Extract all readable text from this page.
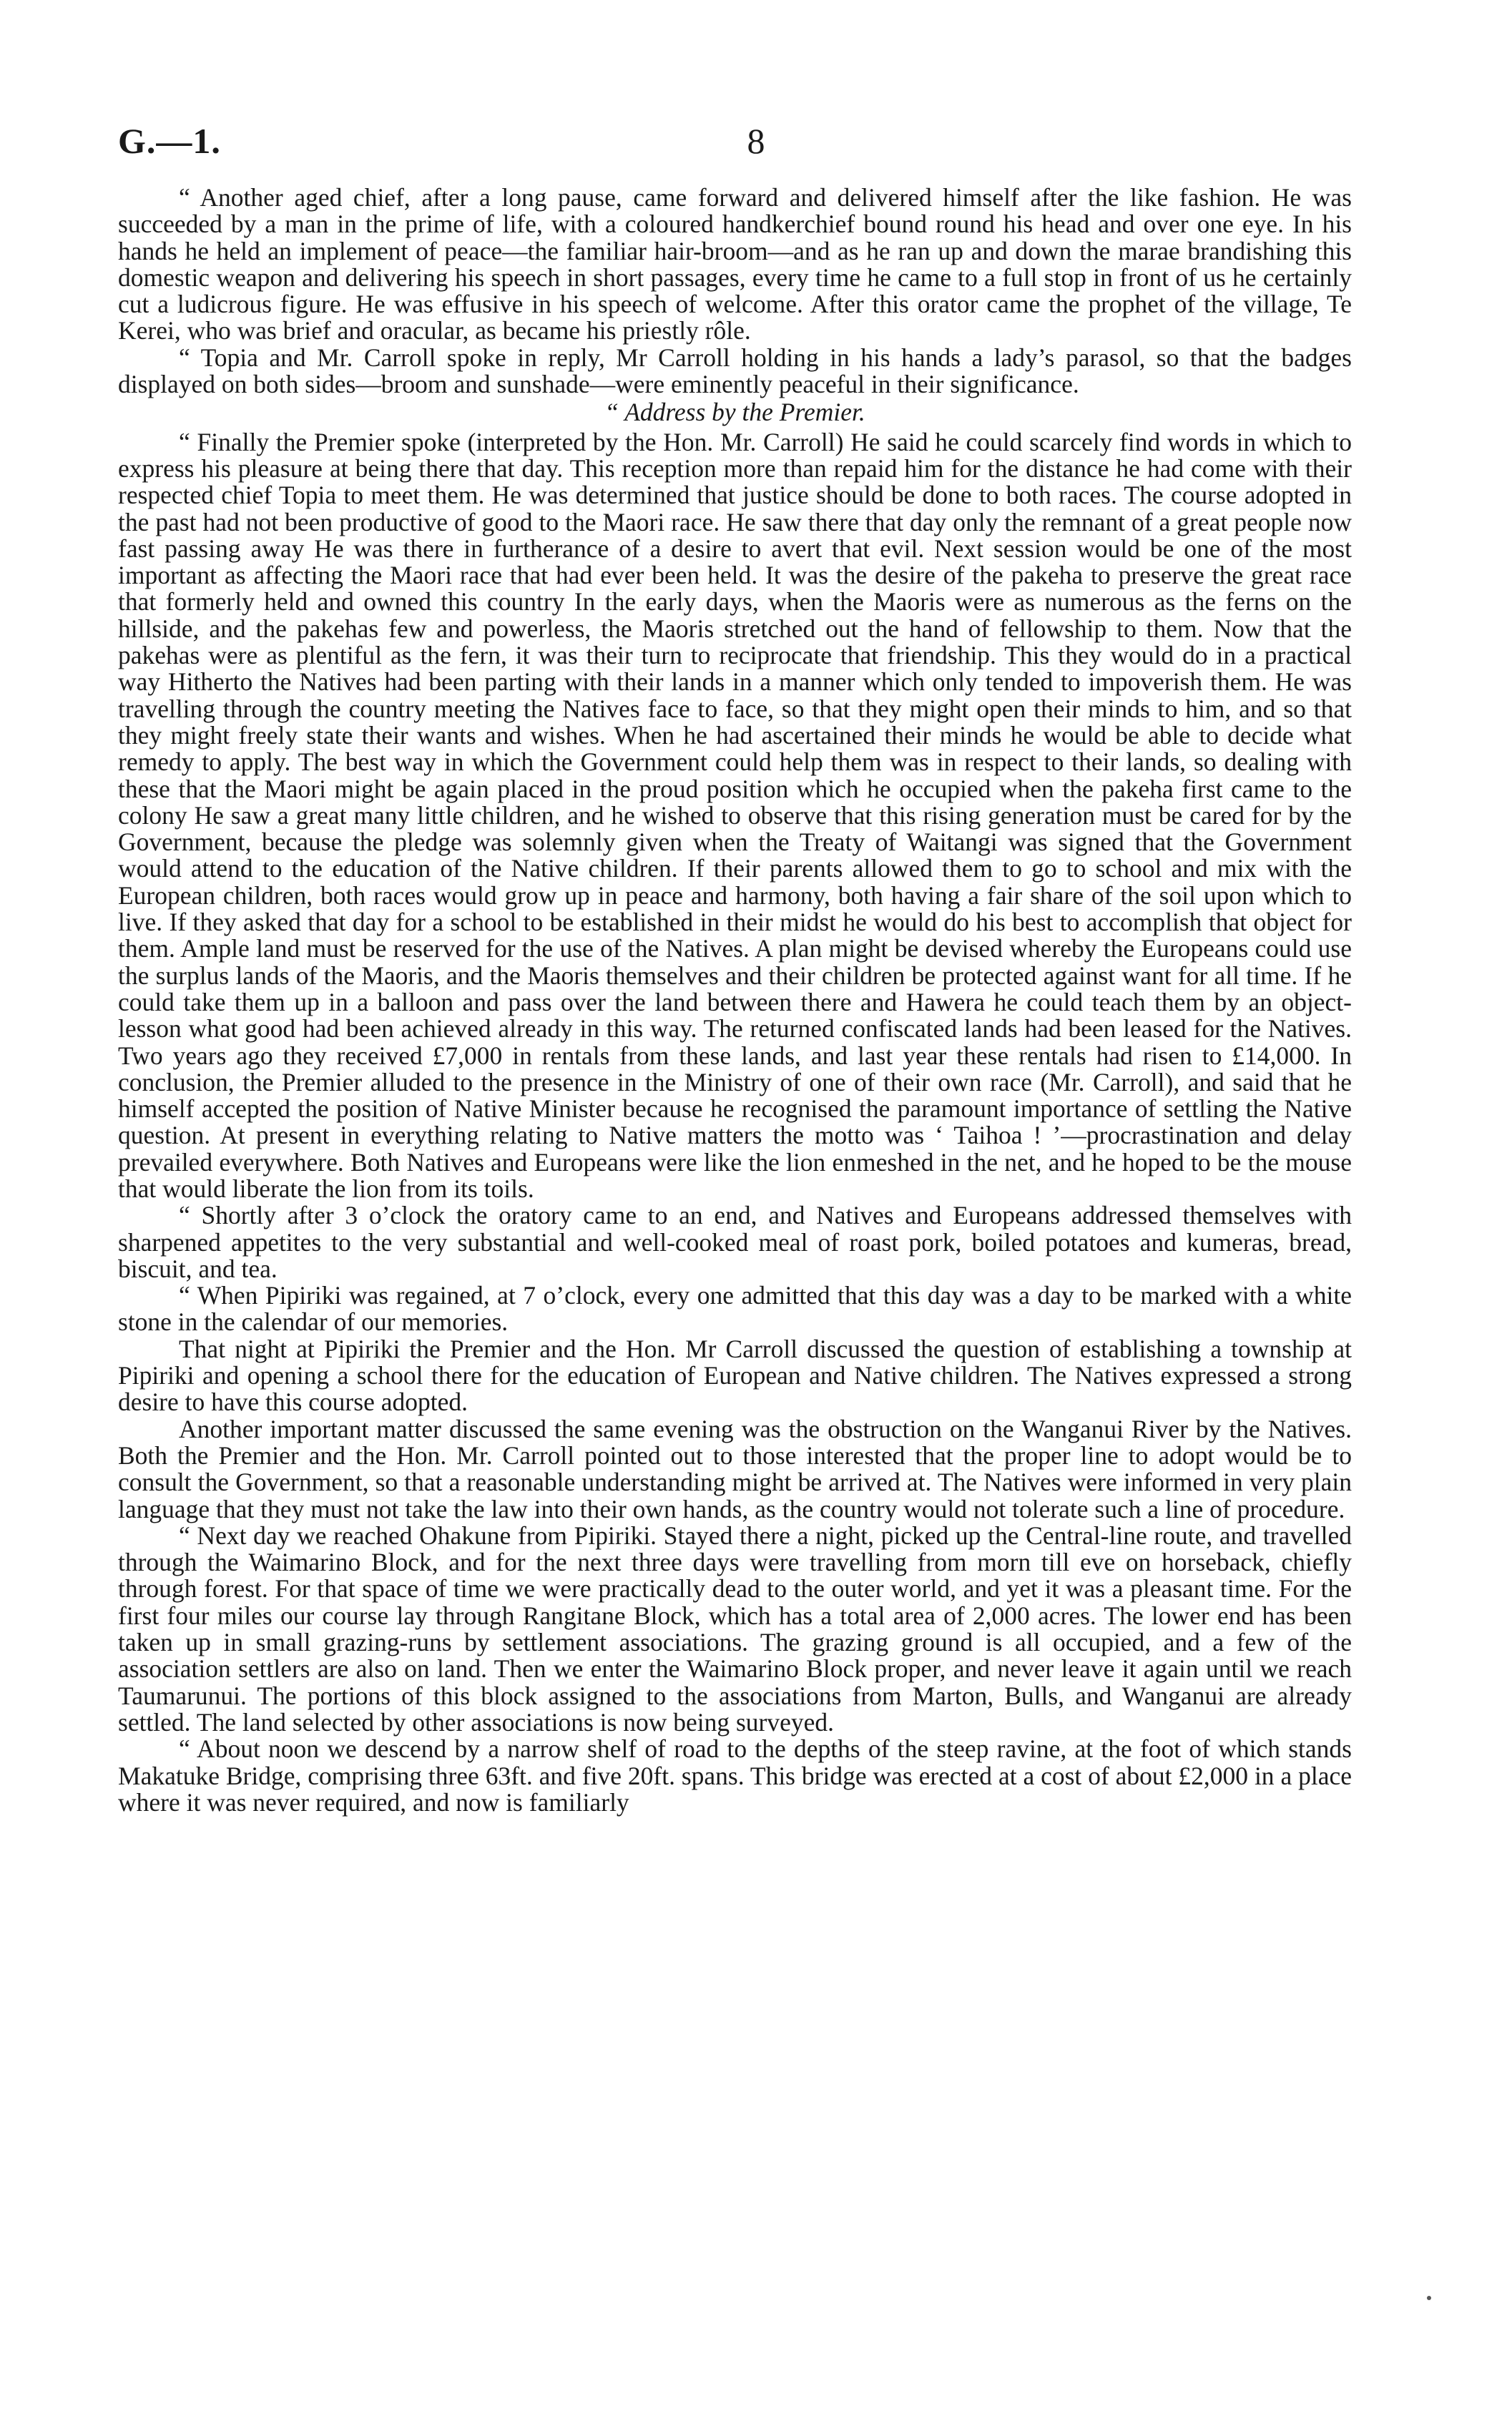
G.—1.	8

“ Another aged chief, after a long pause, came forward and delivered himself after the like fashion. He was succeeded by a man in the prime of life, with a coloured handkerchief bound round his head and over one eye. In his hands he held an implement of peace—the familiar hair-broom—and as he ran up and down the marae brandishing this domestic weapon and delivering his speech in short passages, every time he came to a full stop in front of us he certainly cut a ludicrous figure. He was effusive in his speech of welcome. After this orator came the prophet of the village, Te Kerei, who was brief and oracular, as became his priestly rôle.

“ Topia and Mr. Carroll spoke in reply, Mr Carroll holding in his hands a lady’s parasol, so that the badges displayed on both sides—broom and sunshade—were eminently peaceful in their significance.

“ Address by the Premier.

“ Finally the Premier spoke (interpreted by the Hon. Mr. Carroll) He said he could scarcely find words in which to express his pleasure at being there that day. This reception more than repaid him for the distance he had come with their respected chief Topia to meet them. He was determined that justice should be done to both races. The course adopted in the past had not been productive of good to the Maori race. He saw there that day only the remnant of a great people now fast passing away He was there in furtherance of a desire to avert that evil. Next session would be one of the most important as affecting the Maori race that had ever been held. It was the desire of the pakeha to preserve the great race that formerly held and owned this country In the early days, when the Maoris were as numerous as the ferns on the hillside, and the pakehas few and powerless, the Maoris stretched out the hand of fellowship to them. Now that the pakehas were as plentiful as the fern, it was their turn to reciprocate that friendship. This they would do in a practical way Hitherto the Natives had been parting with their lands in a manner which only tended to impoverish them. He was travelling through the country meeting the Natives face to face, so that they might open their minds to him, and so that they might freely state their wants and wishes. When he had ascertained their minds he would be able to decide what remedy to apply. The best way in which the Government could help them was in respect to their lands, so dealing with these that the Maori might be again placed in the proud position which he occupied when the pakeha first came to the colony He saw a great many little children, and he wished to observe that this rising generation must be cared for by the Government, because the pledge was solemnly given when the Treaty of Waitangi was signed that the Government would attend to the education of the Native children. If their parents allowed them to go to school and mix with the European children, both races would grow up in peace and harmony, both having a fair share of the soil upon which to live. If they asked that day for a school to be established in their midst he would do his best to accomplish that object for them. Ample land must be reserved for the use of the Natives. A plan might be devised whereby the Europeans could use the surplus lands of the Maoris, and the Maoris themselves and their children be protected against want for all time. If he could take them up in a balloon and pass over the land between there and Hawera he could teach them by an object-lesson what good had been achieved already in this way. The returned confiscated lands had been leased for the Natives. Two years ago they received £7,000 in rentals from these lands, and last year these rentals had risen to £14,000. In conclusion, the Premier alluded to the presence in the Ministry of one of their own race (Mr. Carroll), and said that he himself accepted the position of Native Minister because he recognised the paramount importance of settling the Native question. At present in everything relating to Native matters the motto was ‘ Taihoa ! ’—procrastination and delay prevailed everywhere. Both Natives and Europeans were like the lion enmeshed in the net, and he hoped to be the mouse that would liberate the lion from its toils.

“ Shortly after 3 o’clock the oratory came to an end, and Natives and Europeans addressed themselves with sharpened appetites to the very substantial and well-cooked meal of roast pork, boiled potatoes and kumeras, bread, biscuit, and tea.

“ When Pipiriki was regained, at 7 o’clock, every one admitted that this day was a day to be marked with a white stone in the calendar of our memories.

That night at Pipiriki the Premier and the Hon. Mr Carroll discussed the question of establishing a township at Pipiriki and opening a school there for the education of European and Native children. The Natives expressed a strong desire to have this course adopted.

Another important matter discussed the same evening was the obstruction on the Wanganui River by the Natives. Both the Premier and the Hon. Mr. Carroll pointed out to those interested that the proper line to adopt would be to consult the Government, so that a reasonable understanding might be arrived at. The Natives were informed in very plain language that they must not take the law into their own hands, as the country would not tolerate such a line of procedure.

“ Next day we reached Ohakune from Pipiriki. Stayed there a night, picked up the Central-line route, and travelled through the Waimarino Block, and for the next three days were travelling from morn till eve on horseback, chiefly through forest. For that space of time we were practically dead to the outer world, and yet it was a pleasant time. For the first four miles our course lay through Rangitane Block, which has a total area of 2,000 acres. The lower end has been taken up in small grazing-runs by settlement associations. The grazing ground is all occupied, and a few of the association settlers are also on land. Then we enter the Waimarino Block proper, and never leave it again until we reach Taumarunui. The portions of this block assigned to the associations from Marton, Bulls, and Wanganui are already settled. The land selected by other associations is now being surveyed.

“ About noon we descend by a narrow shelf of road to the depths of the steep ravine, at the foot of which stands Makatuke Bridge, comprising three 63ft. and five 20ft. spans. This bridge was erected at a cost of about £2,000 in a place where it was never required, and now is familiarly
